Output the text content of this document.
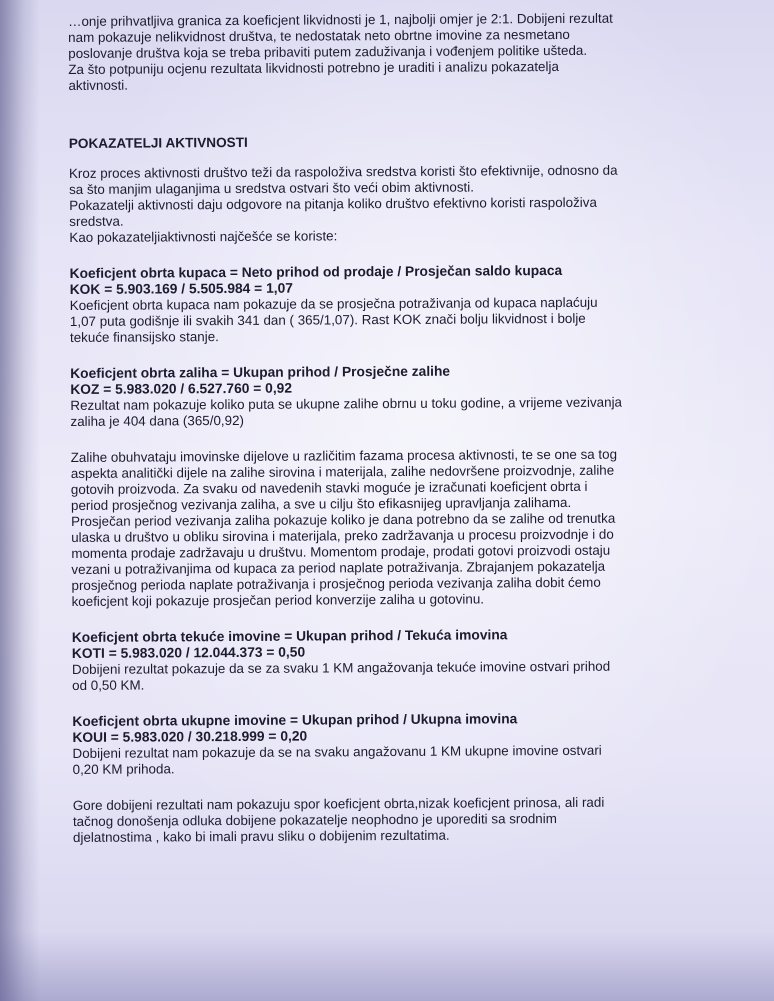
…onje prihvatljiva granica za koeficjent likvidnosti je 1, najbolji omjer je 2:1. Dobijeni rezultat
nam pokazuje nelikvidnost društva, te nedostatak neto obrtne imovine za nesmetano
poslovanje društva koja se treba pribaviti putem zaduživanja i vođenjem politike ušteda.
Za što potpuniju ocjenu rezultata likvidnosti potrebno je uraditi i analizu pokazatelja
aktivnosti.
POKAZATELJI AKTIVNOSTI
Kroz proces aktivnosti društvo teži da raspoloživa sredstva koristi što efektivnije, odnosno da
sa što manjim ulaganjima u sredstva ostvari što veći obim aktivnosti.
Pokazatelji aktivnosti daju odgovore na pitanja koliko društvo efektivno koristi raspoloživa
sredstva.
Kao pokazateljiaktivnosti najčešće se koriste:
Koeficjent obrta kupaca = Neto prihod od prodaje / Prosječan saldo kupaca
KOK = 5.903.169 / 5.505.984 = 1,07
Koeficjent obrta kupaca nam pokazuje da se prosječna potraživanja od kupaca naplaćuju
1,07 puta godišnje ili svakih 341 dan ( 365/1,07). Rast KOK znači bolju likvidnost i bolje
tekuće finansijsko stanje.
Koeficjent obrta zaliha = Ukupan prihod / Prosječne zalihe
KOZ = 5.983.020 / 6.527.760 = 0,92
Rezultat nam pokazuje koliko puta se ukupne zalihe obrnu u toku godine, a vrijeme vezivanja
zaliha je 404 dana (365/0,92)
Zalihe obuhvataju imovinske dijelove u različitim fazama procesa aktivnosti, te se one sa tog
aspekta analitički dijele na zalihe sirovina i materijala, zalihe nedovršene proizvodnje, zalihe
gotovih proizvoda. Za svaku od navedenih stavki moguće je izračunati koeficjent obrta i
period prosječnog vezivanja zaliha, a sve u cilju što efikasnijeg upravljanja zalihama.
Prosječan period vezivanja zaliha pokazuje koliko je dana potrebno da se zalihe od trenutka
ulaska u društvo u obliku sirovina i materijala, preko zadržavanja u procesu proizvodnje i do
momenta prodaje zadržavaju u društvu. Momentom prodaje, prodati gotovi proizvodi ostaju
vezani u potraživanjima od kupaca za period naplate potraživanja. Zbrajanjem pokazatelja
prosječnog perioda naplate potraživanja i prosječnog perioda vezivanja zaliha dobit ćemo
koeficjent koji pokazuje prosječan period konverzije zaliha u gotovinu.
Koeficjent obrta tekuće imovine = Ukupan prihod / Tekuća imovina
KOTI = 5.983.020 / 12.044.373 = 0,50
Dobijeni rezultat pokazuje da se za svaku 1 KM angažovanja tekuće imovine ostvari prihod
od 0,50 KM.
Koeficjent obrta ukupne imovine = Ukupan prihod / Ukupna imovina
KOUI = 5.983.020 / 30.218.999 = 0,20
Dobijeni rezultat nam pokazuje da se na svaku angažovanu 1 KM ukupne imovine ostvari
0,20 KM prihoda.
Gore dobijeni rezultati nam pokazuju spor koeficjent obrta,nizak koeficjent prinosa, ali radi
tačnog donošenja odluka dobijene pokazatelje neophodno je uporediti sa srodnim
djelatnostima , kako bi imali pravu sliku o dobijenim rezultatima.
